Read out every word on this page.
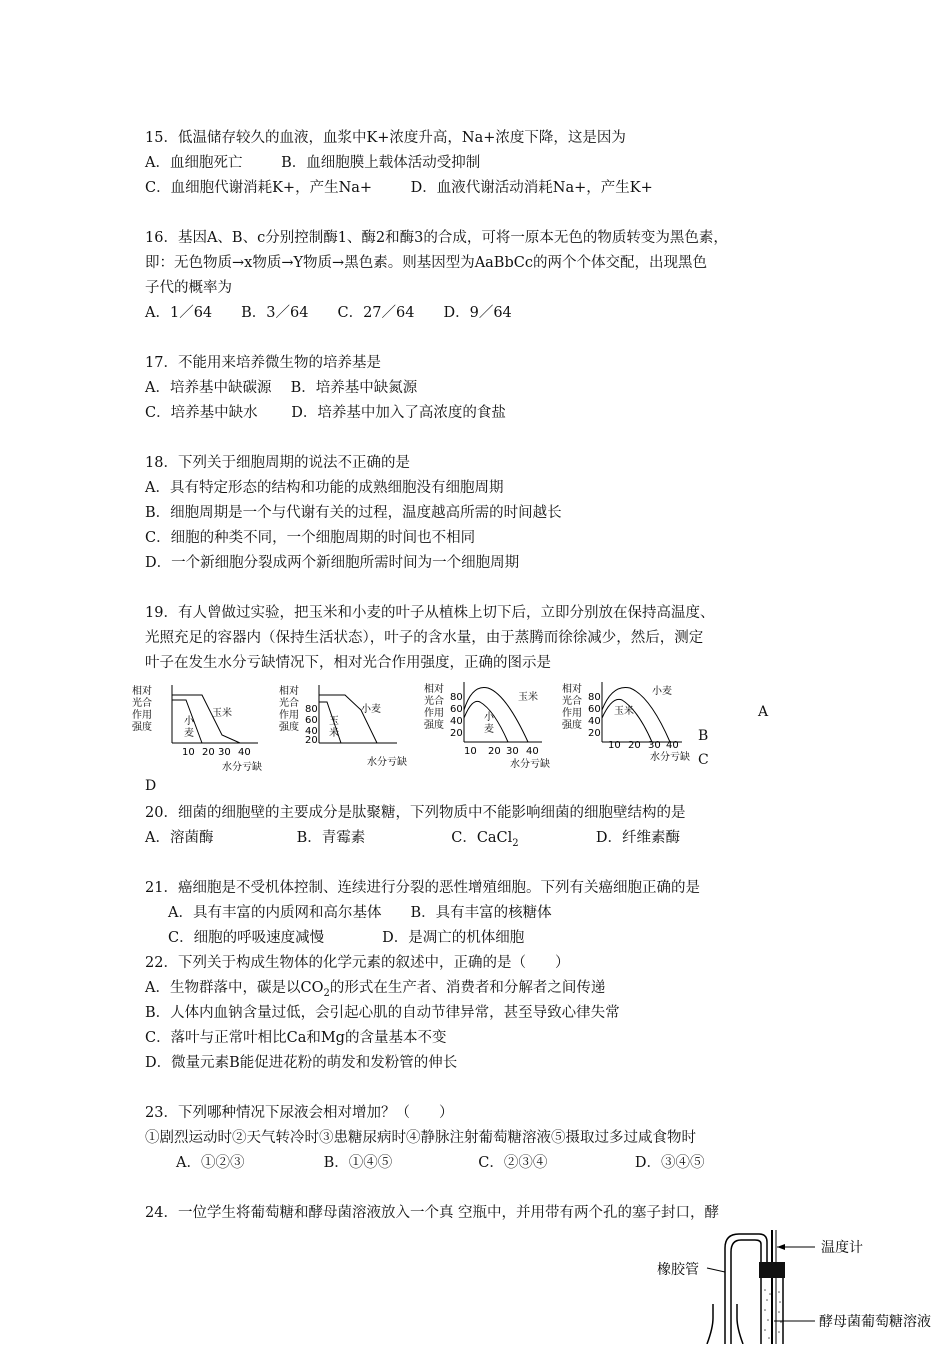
15．低温储存较久的血液，血浆中K+浓度升高，Na+浓度下降，这是因为
A．血细胞死亡	B．血细胞膜上载体活动受抑制
C．血细胞代谢消耗K+，产生Na+	D．血液代谢活动消耗Na+，产生K+
16．基因A、B、c分别控制酶1、酶2和酶3的合成，可将一原本无色的物质转变为黑色素，
即：无色物质→x物质→Y物质→黑色素。则基因型为AaBbCc的两个个体交配，出现黑色
子代的概率为
A．1／64　　B．3／64　　C．27／64　　D．9／64
17．不能用来培养微生物的培养基是
A．培养基中缺碳源　 B．培养基中缺氮源
C．培养基中缺水　　 D．培养基中加入了高浓度的食盐
18．下列关于细胞周期的说法不正确的是
A．具有特定形态的结构和功能的成熟细胞没有细胞周期
B．细胞周期是一个与代谢有关的过程，温度越高所需的时间越长
C．细胞的种类不同，一个细胞周期的时间也不相同
D．一个新细胞分裂成两个新细胞所需时间为一个细胞周期
19．有人曾做过实验，把玉米和小麦的叶子从植株上切下后，立即分别放在保持高温度、
光照充足的容器内（保持生活状态），叶子的含水量，由于蒸腾而徐徐减少，然后，测定
叶子在发生水分亏缺情况下，相对光合作用强度，正确的图示是
相对
光合
作用
强度
玉米
小
麦
10 20 30 40
水分亏缺
相对
光合
作用
强度
80
60
40
20
小麦
玉
米
水分亏缺
相对
光合
作用
强度
80
60
40
20
玉米
小
麦
10 20 30 40
水分亏缺
相对
光合
作用
强度
80
60
40
20
小麦
玉米
10 20 30 40
水分亏缺
A
B
C
D
20．细菌的细胞壁的主要成分是肽聚糖，下列物质中不能影响细菌的细胞壁结构的是
A．溶菌酶	B．青霉素	C．CaCl$_2$	D．纤维素酶
21．癌细胞是不受机体控制、连续进行分裂的恶性增殖细胞。下列有关癌细胞正确的是
A．具有丰富的内质网和高尔基体　　B．具有丰富的核糖体
C．细胞的呼吸速度减慢　　　　D．是凋亡的机体细胞
22．下列关于构成生物体的化学元素的叙述中，正确的是（　　）
A．生物群落中，碳是以$CO_2$的形式在生产者、消费者和分解者之间传递
B．人体内血钠含量过低，会引起心肌的自动节律异常，甚至导致心律失常
C．落叶与正常叶相比Ca和Mg的含量基本不变
D．微量元素B能促进花粉的萌发和发粉管的伸长
23．下列哪种情况下尿液会相对增加？（　　）
①剧烈运动时②天气转冷时③患糖尿病时④静脉注射葡萄糖溶液⑤摄取过多过咸食物时
A．①②③	B．①④⑤	C．②③④	D．③④⑤
24．一位学生将葡萄糖和酵母菌溶液放入一个真 空瓶中，并用带有两个孔的塞子封口，酵
温度计
橡胶管
酵母菌葡萄糖溶液
